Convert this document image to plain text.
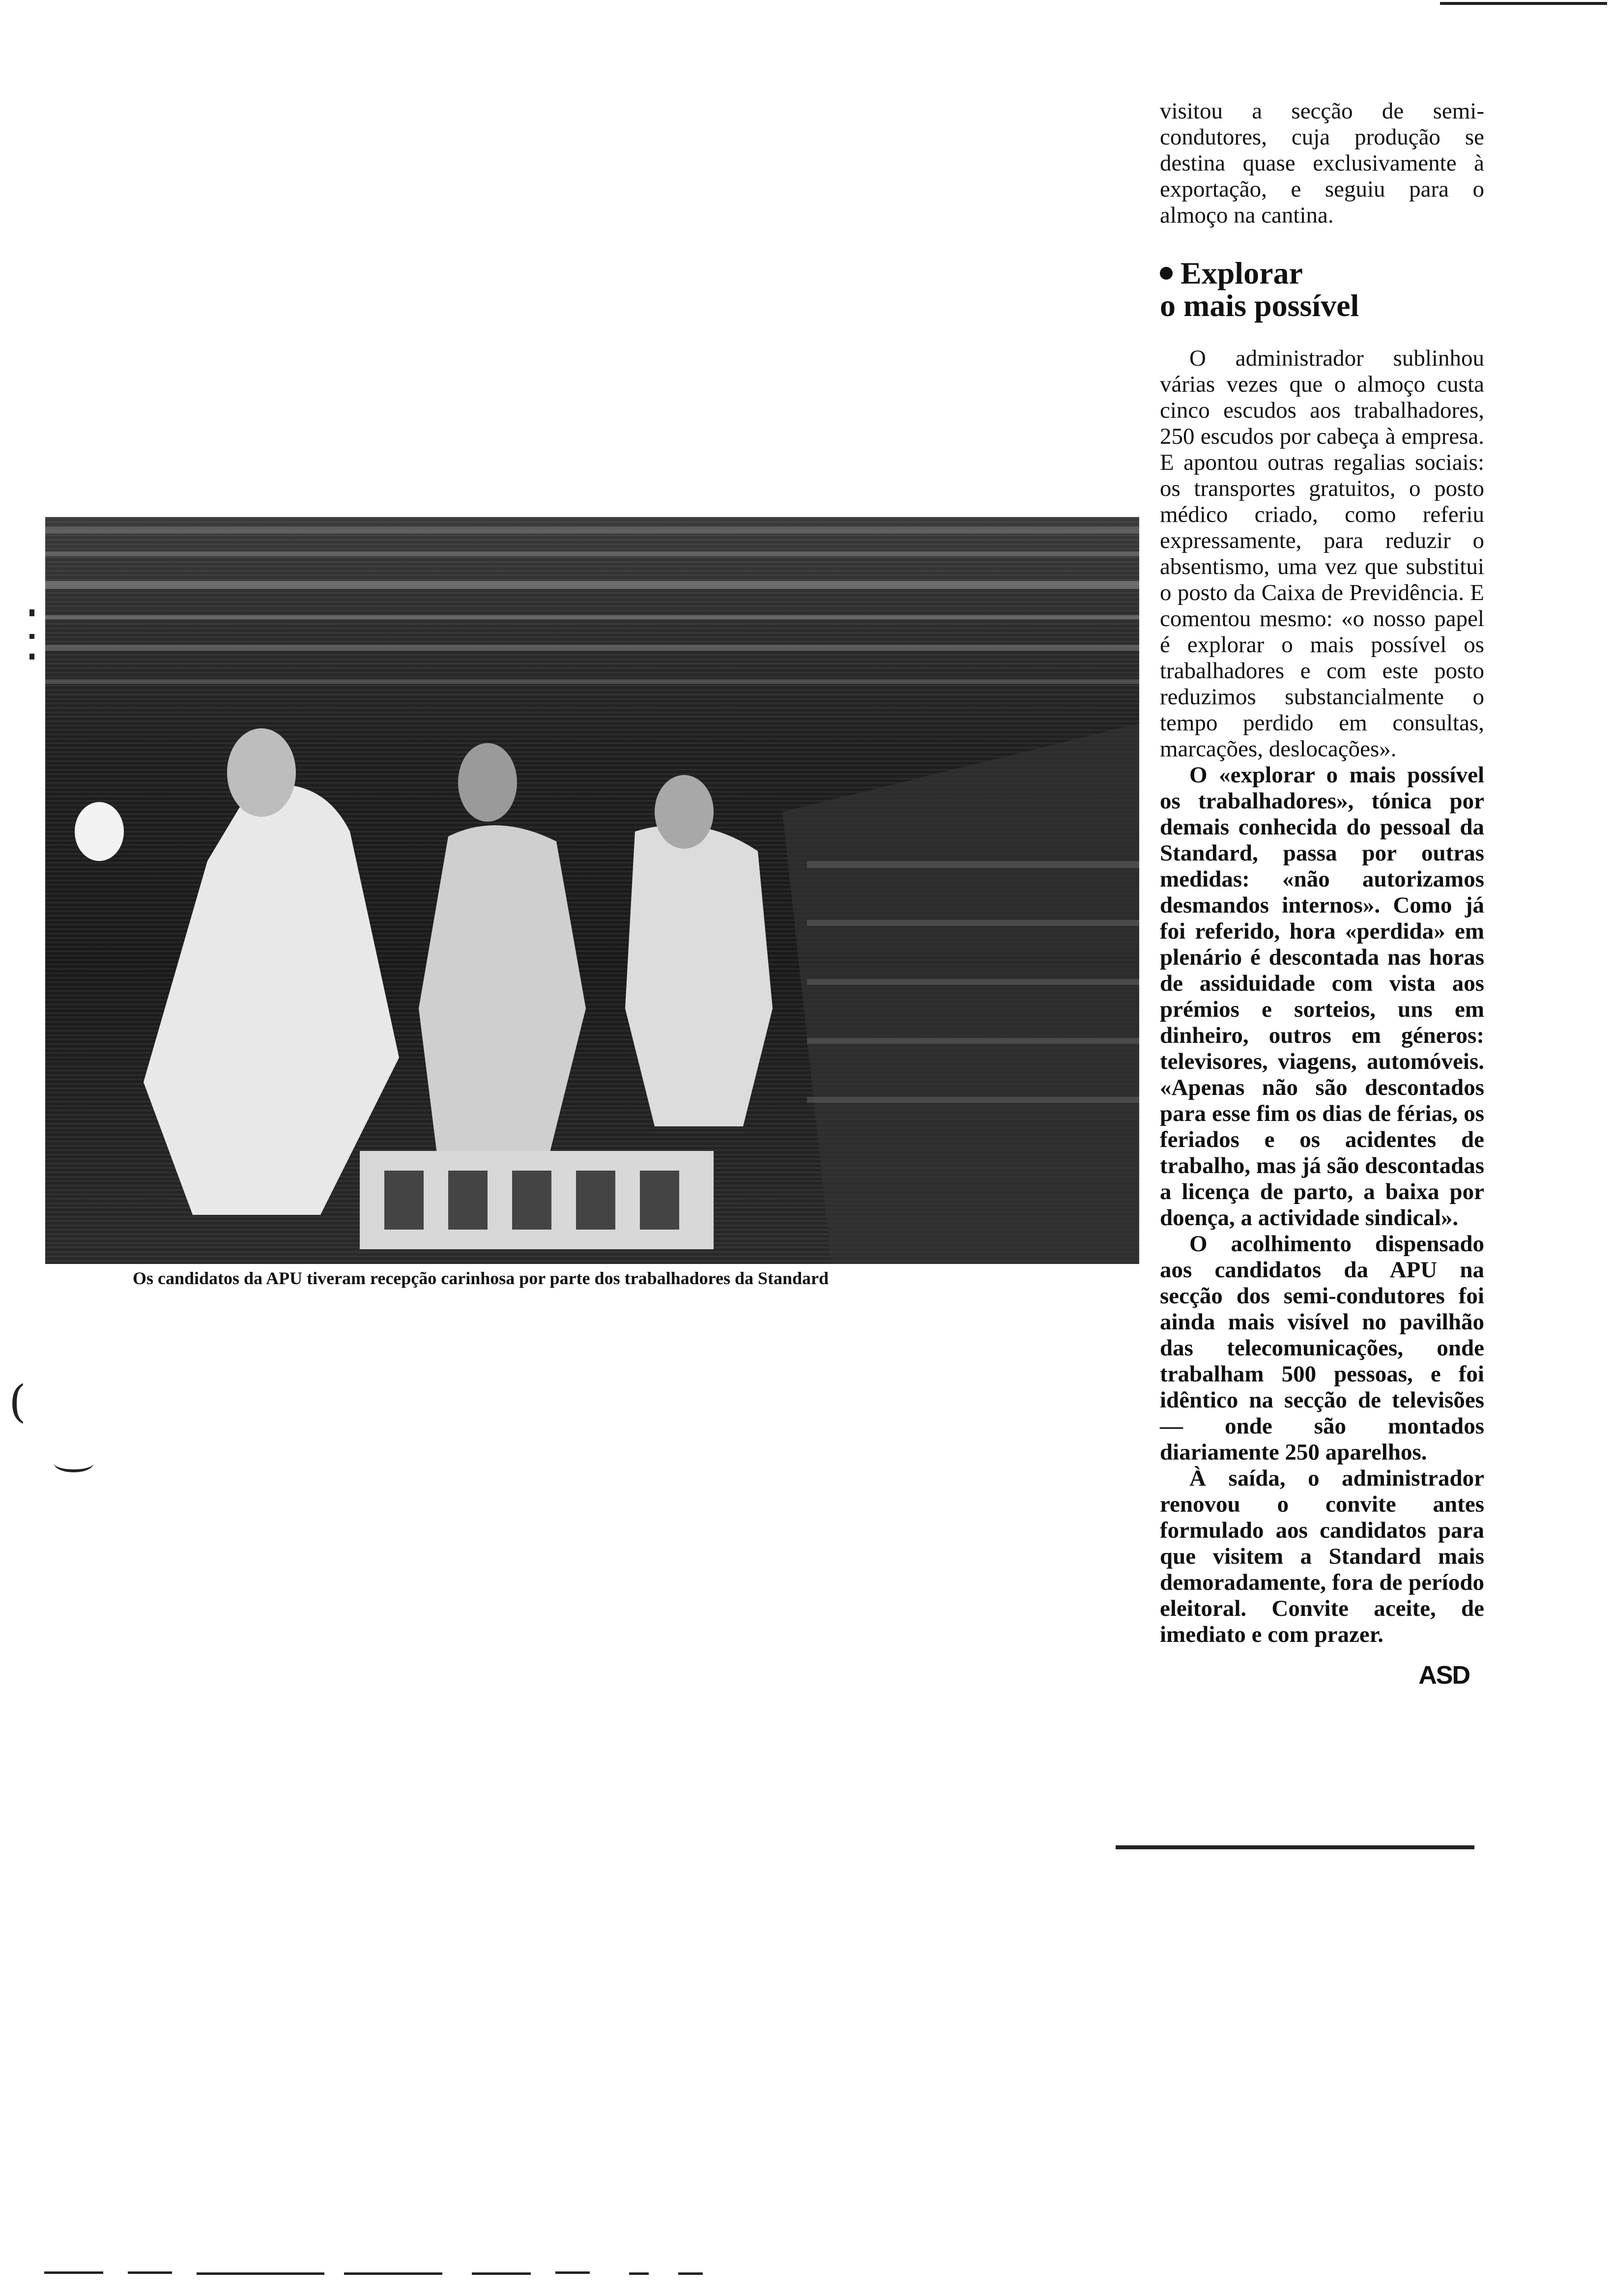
Os candidatos da APU tiveram recepção carinhosa por parte dos trabalhadores da Standard

visitou a secção de semi-condutores, cuja produção se destina quase exclusivamente à exportação, e seguiu para o almoço na cantina.

Explorar
o mais possível

O administrador sublinhou várias vezes que o almoço custa cinco escudos aos trabalhadores, 250 escudos por cabeça à empresa. E apontou outras regalias sociais: os transportes gratuitos, o posto médico criado, como referiu expressamente, para reduzir o absentismo, uma vez que substitui o posto da Caixa de Previdência. E comentou mesmo: «o nosso papel é explorar o mais possível os trabalhadores e com este posto reduzimos substancialmente o tempo perdido em consultas, marcações, deslocações».

O «explorar o mais possível os trabalhadores», tónica por demais conhecida do pessoal da Standard, passa por outras medidas: «não autorizamos desmandos internos». Como já foi referido, hora «perdida» em plenário é descontada nas horas de assiduidade com vista aos prémios e sorteios, uns em dinheiro, outros em géneros: televisores, viagens, automóveis. «Apenas não são descontados para esse fim os dias de férias, os feriados e os acidentes de trabalho, mas já são descontadas a licença de parto, a baixa por doença, a actividade sindical».

O acolhimento dispensado aos candidatos da APU na secção dos semi-condutores foi ainda mais visível no pavilhão das telecomunicações, onde trabalham 500 pessoas, e foi idêntico na secção de televisões — onde são montados diariamente 250 aparelhos.

À saída, o administrador renovou o convite antes formulado aos candidatos para que visitem a Standard mais demoradamente, fora de período eleitoral. Convite aceite, de imediato e com prazer.

ASD
(
